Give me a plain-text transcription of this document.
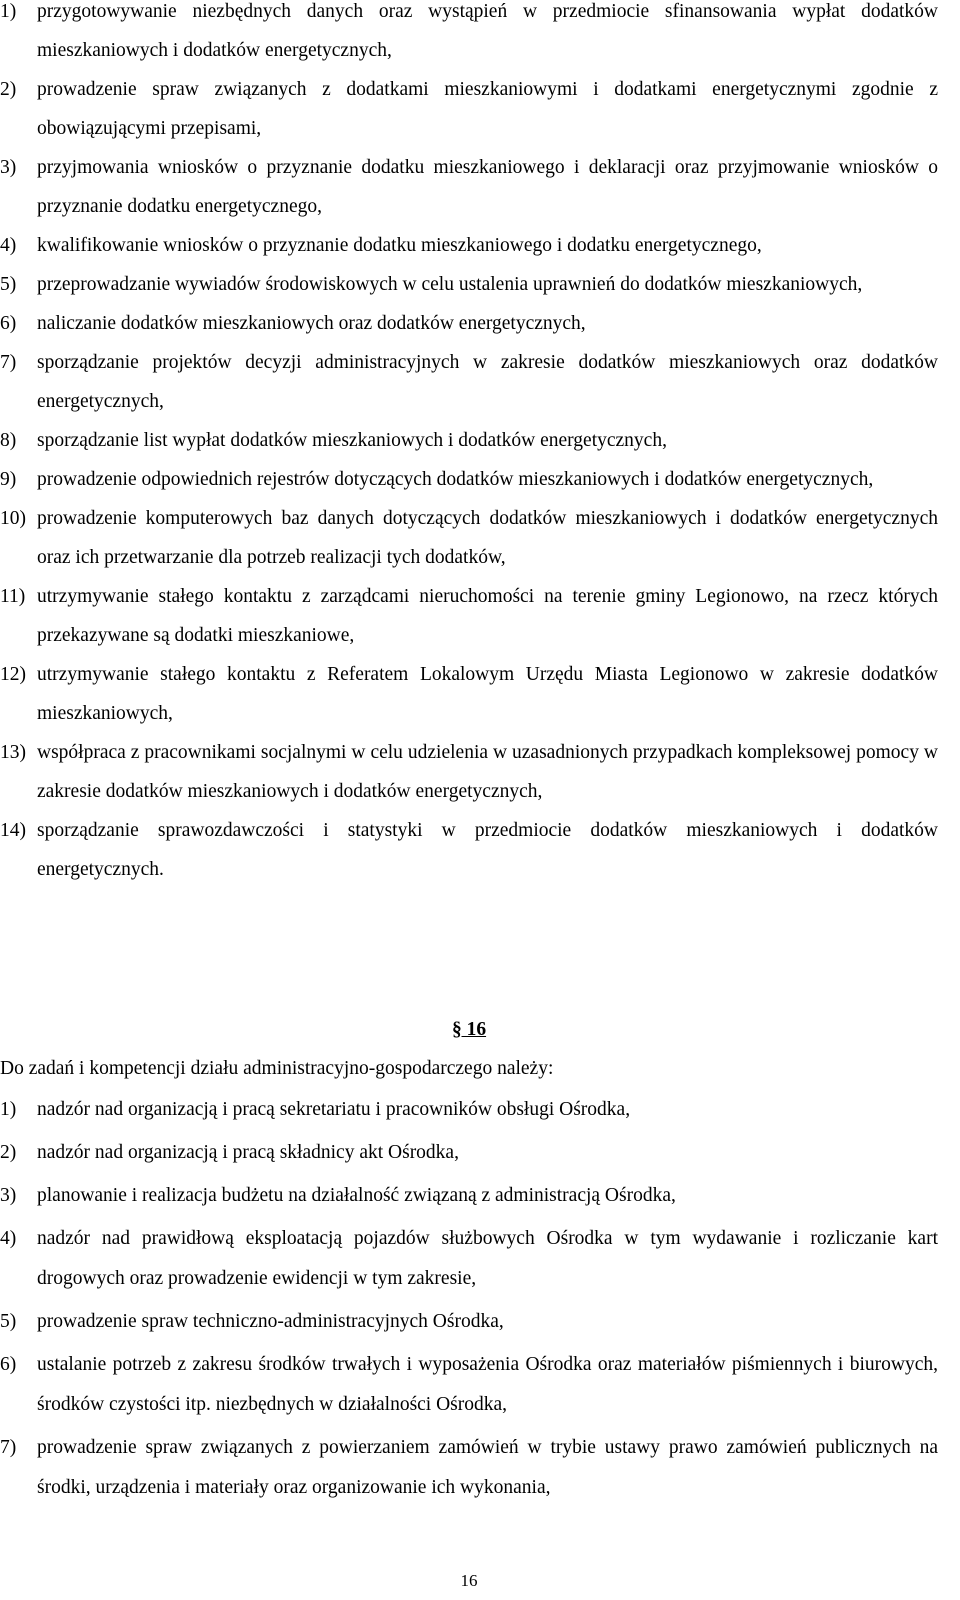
1)	przygotowywanie niezbędnych danych oraz wystąpień w przedmiocie sfinansowania wypłat dodatków mieszkaniowych i dodatków energetycznych,
2)	prowadzenie spraw związanych z dodatkami mieszkaniowymi i dodatkami energetycznymi zgodnie z obowiązującymi przepisami,
3)	przyjmowania wniosków o przyznanie dodatku mieszkaniowego i deklaracji oraz przyjmowanie wniosków o przyznanie dodatku energetycznego,
4)	kwalifikowanie wniosków o przyznanie dodatku mieszkaniowego i dodatku energetycznego,
5)	przeprowadzanie wywiadów środowiskowych w celu ustalenia uprawnień do dodatków mieszkaniowych,
6)	naliczanie dodatków mieszkaniowych oraz dodatków energetycznych,
7)	sporządzanie projektów decyzji administracyjnych w zakresie dodatków mieszkaniowych oraz dodatków energetycznych,
8)	sporządzanie list wypłat dodatków mieszkaniowych i dodatków energetycznych,
9)	prowadzenie odpowiednich rejestrów dotyczących dodatków mieszkaniowych i dodatków energetycznych,
10) prowadzenie komputerowych baz danych dotyczących dodatków mieszkaniowych i dodatków energetycznych oraz ich przetwarzanie dla potrzeb realizacji tych dodatków,
11) utrzymywanie stałego kontaktu z zarządcami nieruchomości na terenie gminy Legionowo, na rzecz których przekazywane są dodatki mieszkaniowe,
12) utrzymywanie stałego kontaktu z Referatem Lokalowym Urzędu Miasta Legionowo w zakresie dodatków mieszkaniowych,
13) współpraca z pracownikami socjalnymi w celu udzielenia w uzasadnionych przypadkach kompleksowej pomocy w zakresie dodatków mieszkaniowych i dodatków energetycznych,
14) sporządzanie sprawozdawczości i statystyki w przedmiocie dodatków mieszkaniowych i dodatków energetycznych.
§ 16
Do zadań i kompetencji działu administracyjno-gospodarczego należy:
1)	nadzór nad organizacją i pracą sekretariatu i pracowników obsługi Ośrodka,
2)	nadzór nad organizacją i pracą składnicy akt Ośrodka,
3)	planowanie i realizacja budżetu na działalność związaną z administracją Ośrodka,
4)	nadzór nad prawidłową eksploatacją pojazdów służbowych Ośrodka w tym wydawanie i rozliczanie kart drogowych oraz prowadzenie ewidencji w tym zakresie,
5)	prowadzenie spraw techniczno-administracyjnych Ośrodka,
6)	ustalanie potrzeb z zakresu środków trwałych i wyposażenia Ośrodka oraz materiałów piśmiennych i biurowych, środków czystości itp. niezbędnych w działalności Ośrodka,
7)	prowadzenie spraw związanych z powierzaniem zamówień w trybie ustawy prawo zamówień publicznych na środki, urządzenia i materiały oraz organizowanie ich wykonania,
16
